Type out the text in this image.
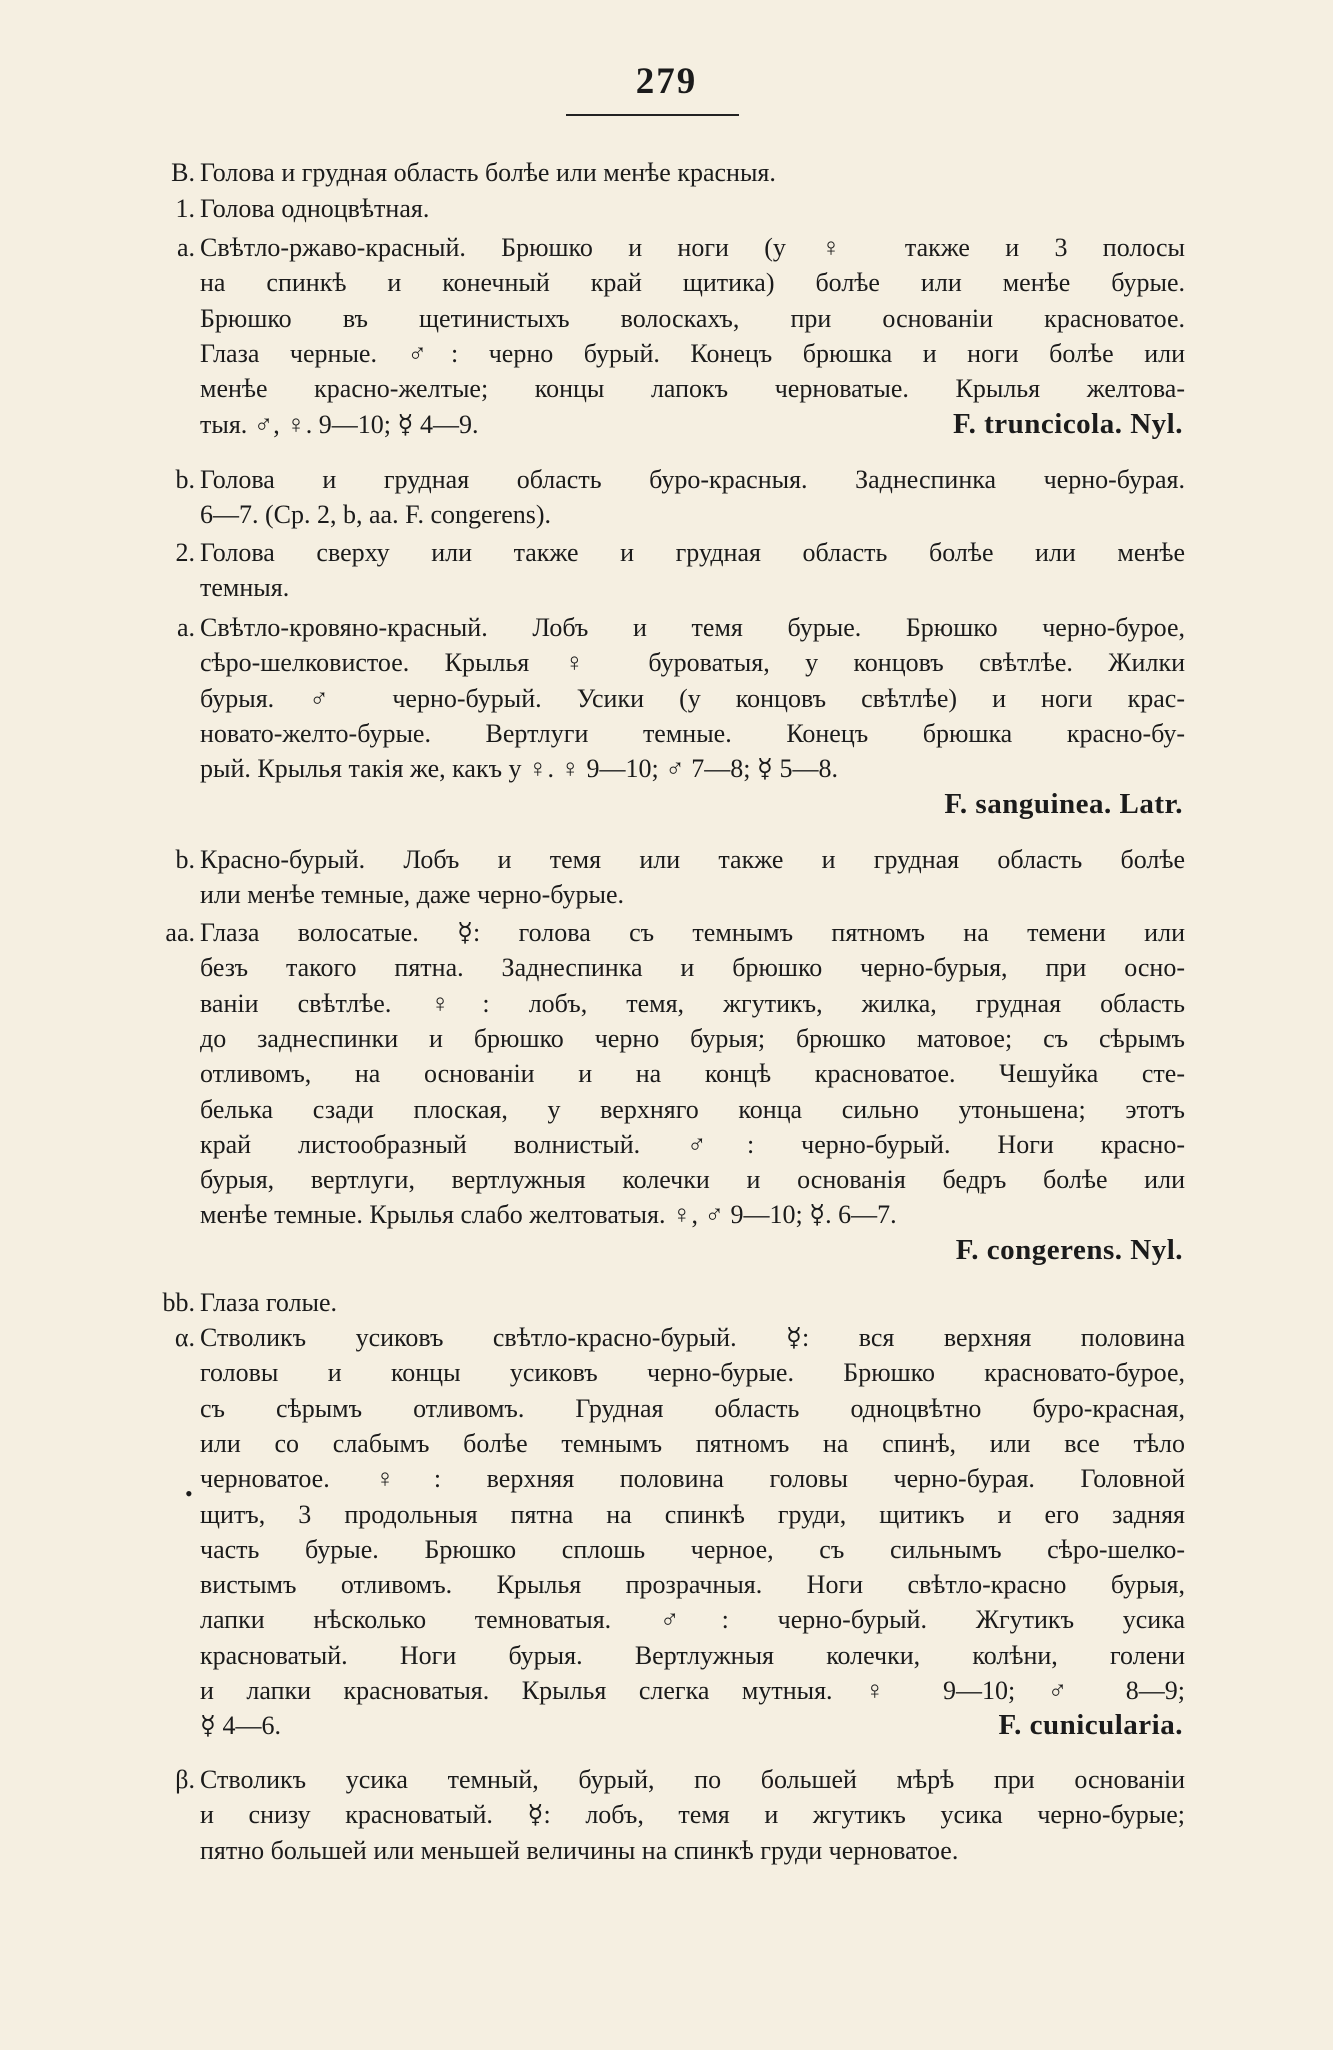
279
•
B. Голова и грудная область болѣе или менѣе красныя.
1. Голова одноцвѣтная.
a. Свѣтло-ржаво-красный. Брюшко и ноги (у ♀ также и 3 полосы
на спинкѣ и конечный край щитика) болѣе или менѣе бурые.
Брюшко въ щетинистыхъ волоскахъ, при основаніи красноватое.
Глаза черные. ♂: черно бурый. Конецъ брюшка и ноги болѣе или
менѣе красно-желтые; концы лапокъ черноватые. Крылья желтова-
тыя. ♂, ♀. 9—10; ☿ 4—9.	F. truncicola. Nyl.
b. Голова и грудная область буро-красныя. Заднеспинка черно-бурая.
6—7. (Ср. 2, b, aa. F. congerens).
2. Голова сверху или также и грудная область болѣе или менѣе
темныя.
a. Свѣтло-кровяно-красный. Лобъ и темя бурые. Брюшко черно-бурое,
сѣро-шелковистое. Крылья ♀ буроватыя, у концовъ свѣтлѣе. Жилки
бурыя. ♂ черно-бурый. Усики (у концовъ свѣтлѣе) и ноги крас-
новато-желто-бурые. Вертлуги темные. Конецъ брюшка красно-бу-
рый. Крылья такія же, какъ у ♀. ♀ 9—10; ♂ 7—8; ☿ 5—8.
F. sanguinea. Latr.
b. Красно-бурый. Лобъ и темя или также и грудная область болѣе
или менѣе темные, даже черно-бурые.
aa. Глаза волосатые. ☿: голова съ темнымъ пятномъ на темени или
безъ такого пятна. Заднеспинка и брюшко черно-бурыя, при осно-
ваніи свѣтлѣе. ♀: лобъ, темя, жгутикъ, жилка, грудная область
до заднеспинки и брюшко черно бурыя; брюшко матовое; съ сѣрымъ
отливомъ, на основаніи и на концѣ красноватое. Чешуйка сте-
белька сзади плоская, у верхняго конца сильно утоньшена; этотъ
край листообразный волнистый. ♂: черно-бурый. Ноги красно-
бурыя, вертлуги, вертлужныя колечки и основанія бедръ болѣе или
менѣе темные. Крылья слабо желтоватыя. ♀, ♂ 9—10; ☿. 6—7.
F. congerens. Nyl.
bb. Глаза голые.
α. Стволикъ усиковъ свѣтло-красно-бурый. ☿: вся верхняя половина
головы и концы усиковъ черно-бурые. Брюшко красновато-бурое,
съ сѣрымъ отливомъ. Грудная область одноцвѣтно буро-красная,
или со слабымъ болѣе темнымъ пятномъ на спинѣ, или все тѣло
черноватое. ♀: верхняя половина головы черно-бурая. Головной
щитъ, 3 продольныя пятна на спинкѣ груди, щитикъ и его задняя
часть бурые. Брюшко сплошь черное, съ сильнымъ сѣро-шелко-
вистымъ отливомъ. Крылья прозрачныя. Ноги свѣтло-красно бурыя,
лапки нѣсколько темноватыя. ♂: черно-бурый. Жгутикъ усика
красноватый. Ноги бурыя. Вертлужныя колечки, колѣни, голени
и лапки красноватыя. Крылья слегка мутныя. ♀ 9—10; ♂ 8—9;
☿ 4—6.	F. cunicularia.
β. Стволикъ усика темный, бурый, по большей мѣрѣ при основаніи
и снизу красноватый. ☿: лобъ, темя и жгутикъ усика черно-бурые;
пятно большей или меньшей величины на спинкѣ груди черноватое.
